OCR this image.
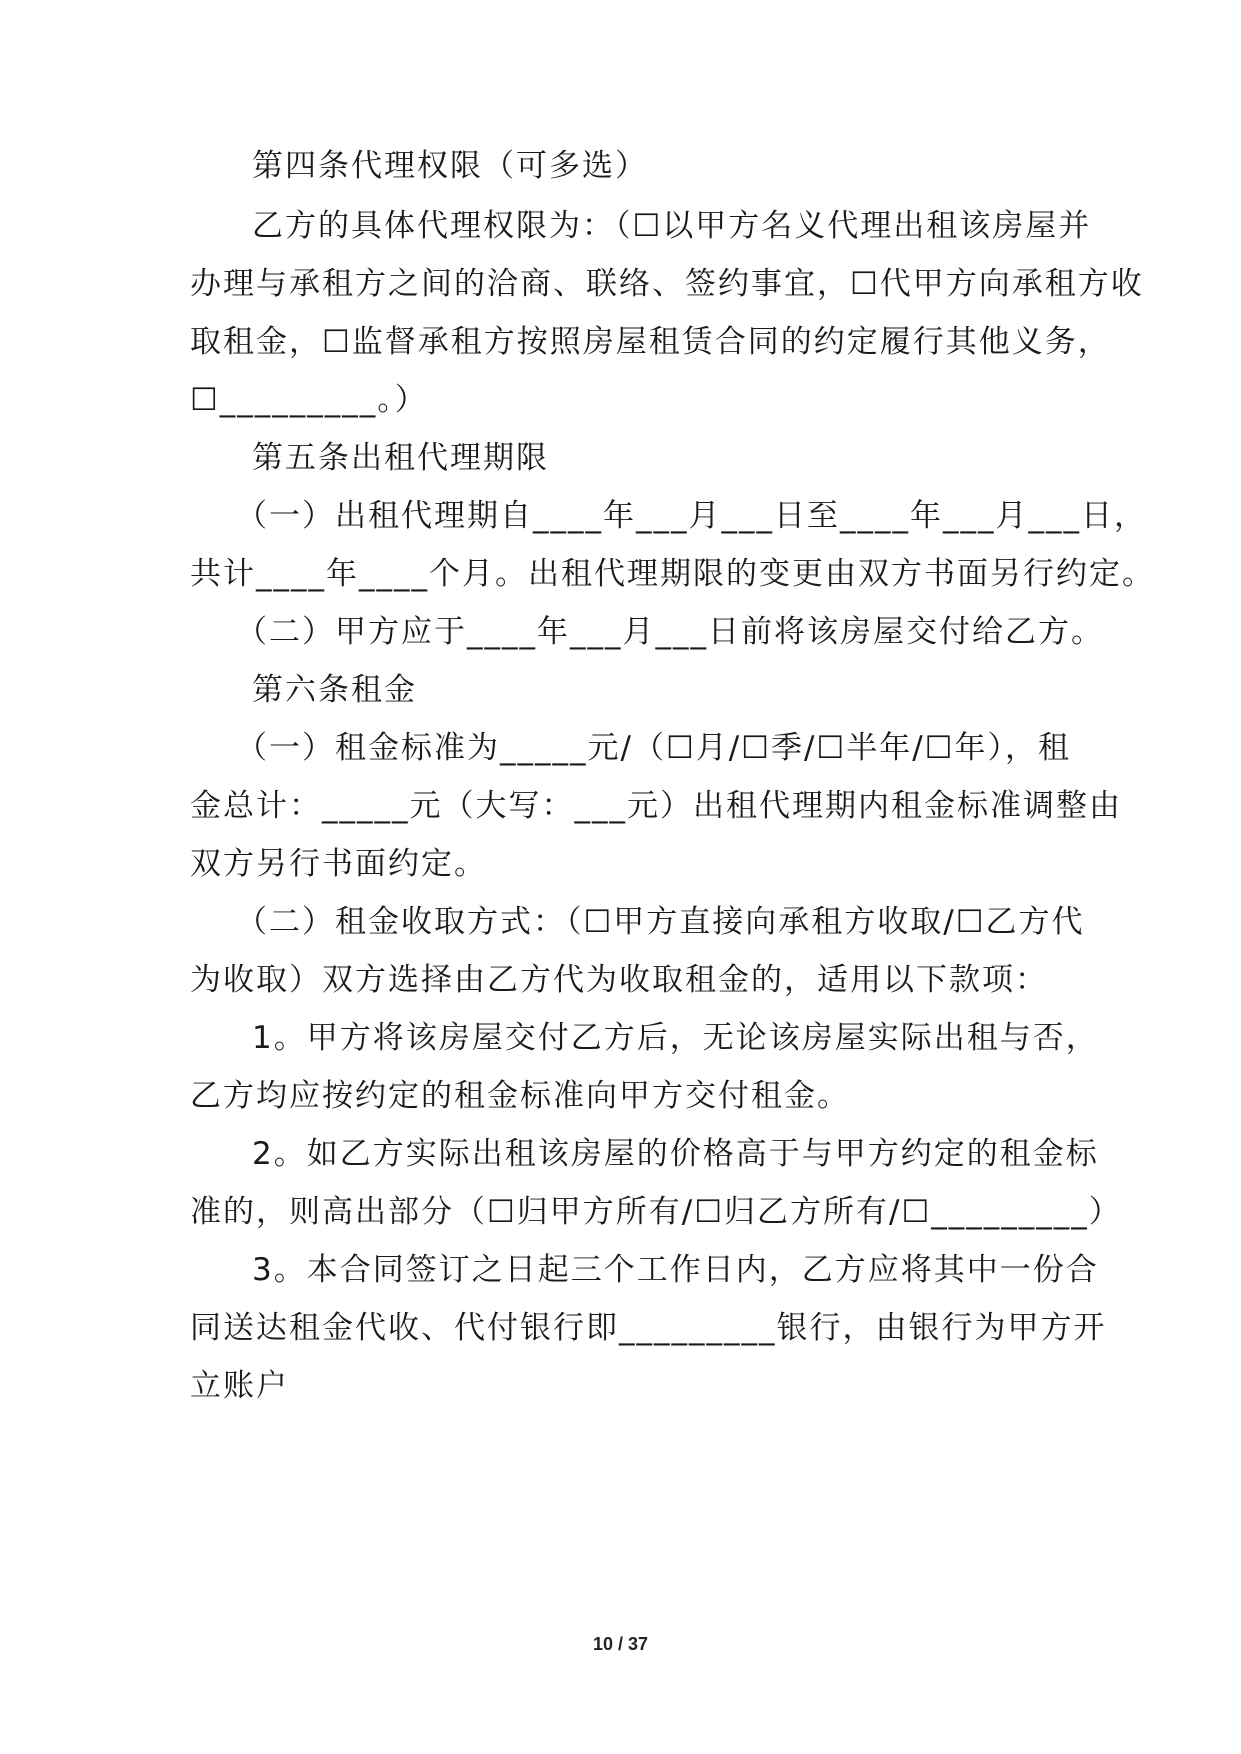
第四条代理权限（可多选）
乙方的具体代理权限为：（☐以甲方名义代理出租该房屋并
办理与承租方之间的洽商、联络、签约事宜，☐代甲方向承租方收
取租金，☐监督承租方按照房屋租赁合同的约定履行其他义务，
☐_________。）
第五条出租代理期限
（一）出租代理期自____年___月___日至____年___月___日，
共计____年____个月。出租代理期限的变更由双方书面另行约定。
（二）甲方应于____年___月___日前将该房屋交付给乙方。
第六条租金
（一）租金标准为_____元/（☐月/☐季/☐半年/☐年），租
金总计：_____元（大写：___元）出租代理期内租金标准调整由
双方另行书面约定。
（二）租金收取方式：（☐甲方直接向承租方收取/☐乙方代
为收取）双方选择由乙方代为收取租金的，适用以下款项：
1。甲方将该房屋交付乙方后，无论该房屋实际出租与否，
乙方均应按约定的租金标准向甲方交付租金。
2。如乙方实际出租该房屋的价格高于与甲方约定的租金标
准的，则高出部分（☐归甲方所有/☐归乙方所有/☐_________）
3。本合同签订之日起三个工作日内，乙方应将其中一份合
同送达租金代收、代付银行即_________银行，由银行为甲方开
立账户
10 / 37
